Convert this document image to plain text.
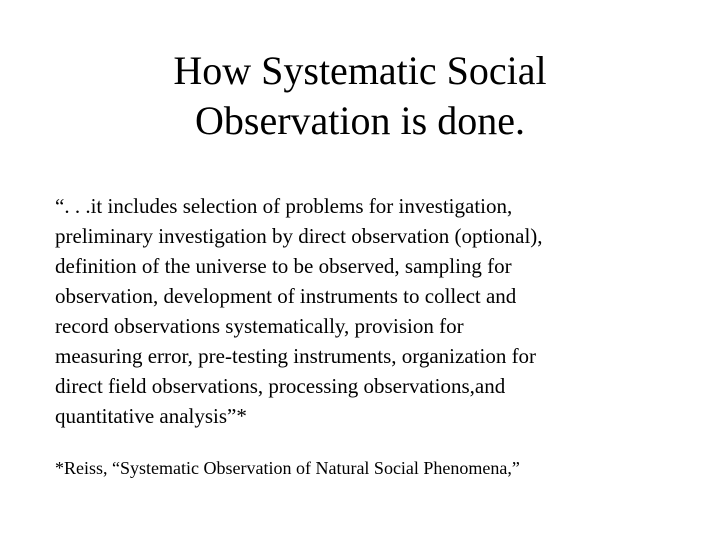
How Systematic Social
Observation is done.

“. . .it includes selection of problems for investigation,
preliminary investigation by direct observation (optional),
definition of the universe to be observed, sampling for
observation, development of instruments to collect and
record observations systematically, provision for
measuring error, pre-testing instruments, organization for
direct field observations, processing observations,and
quantitative analysis”*

*Reiss, “Systematic Observation of Natural Social Phenomena,”
